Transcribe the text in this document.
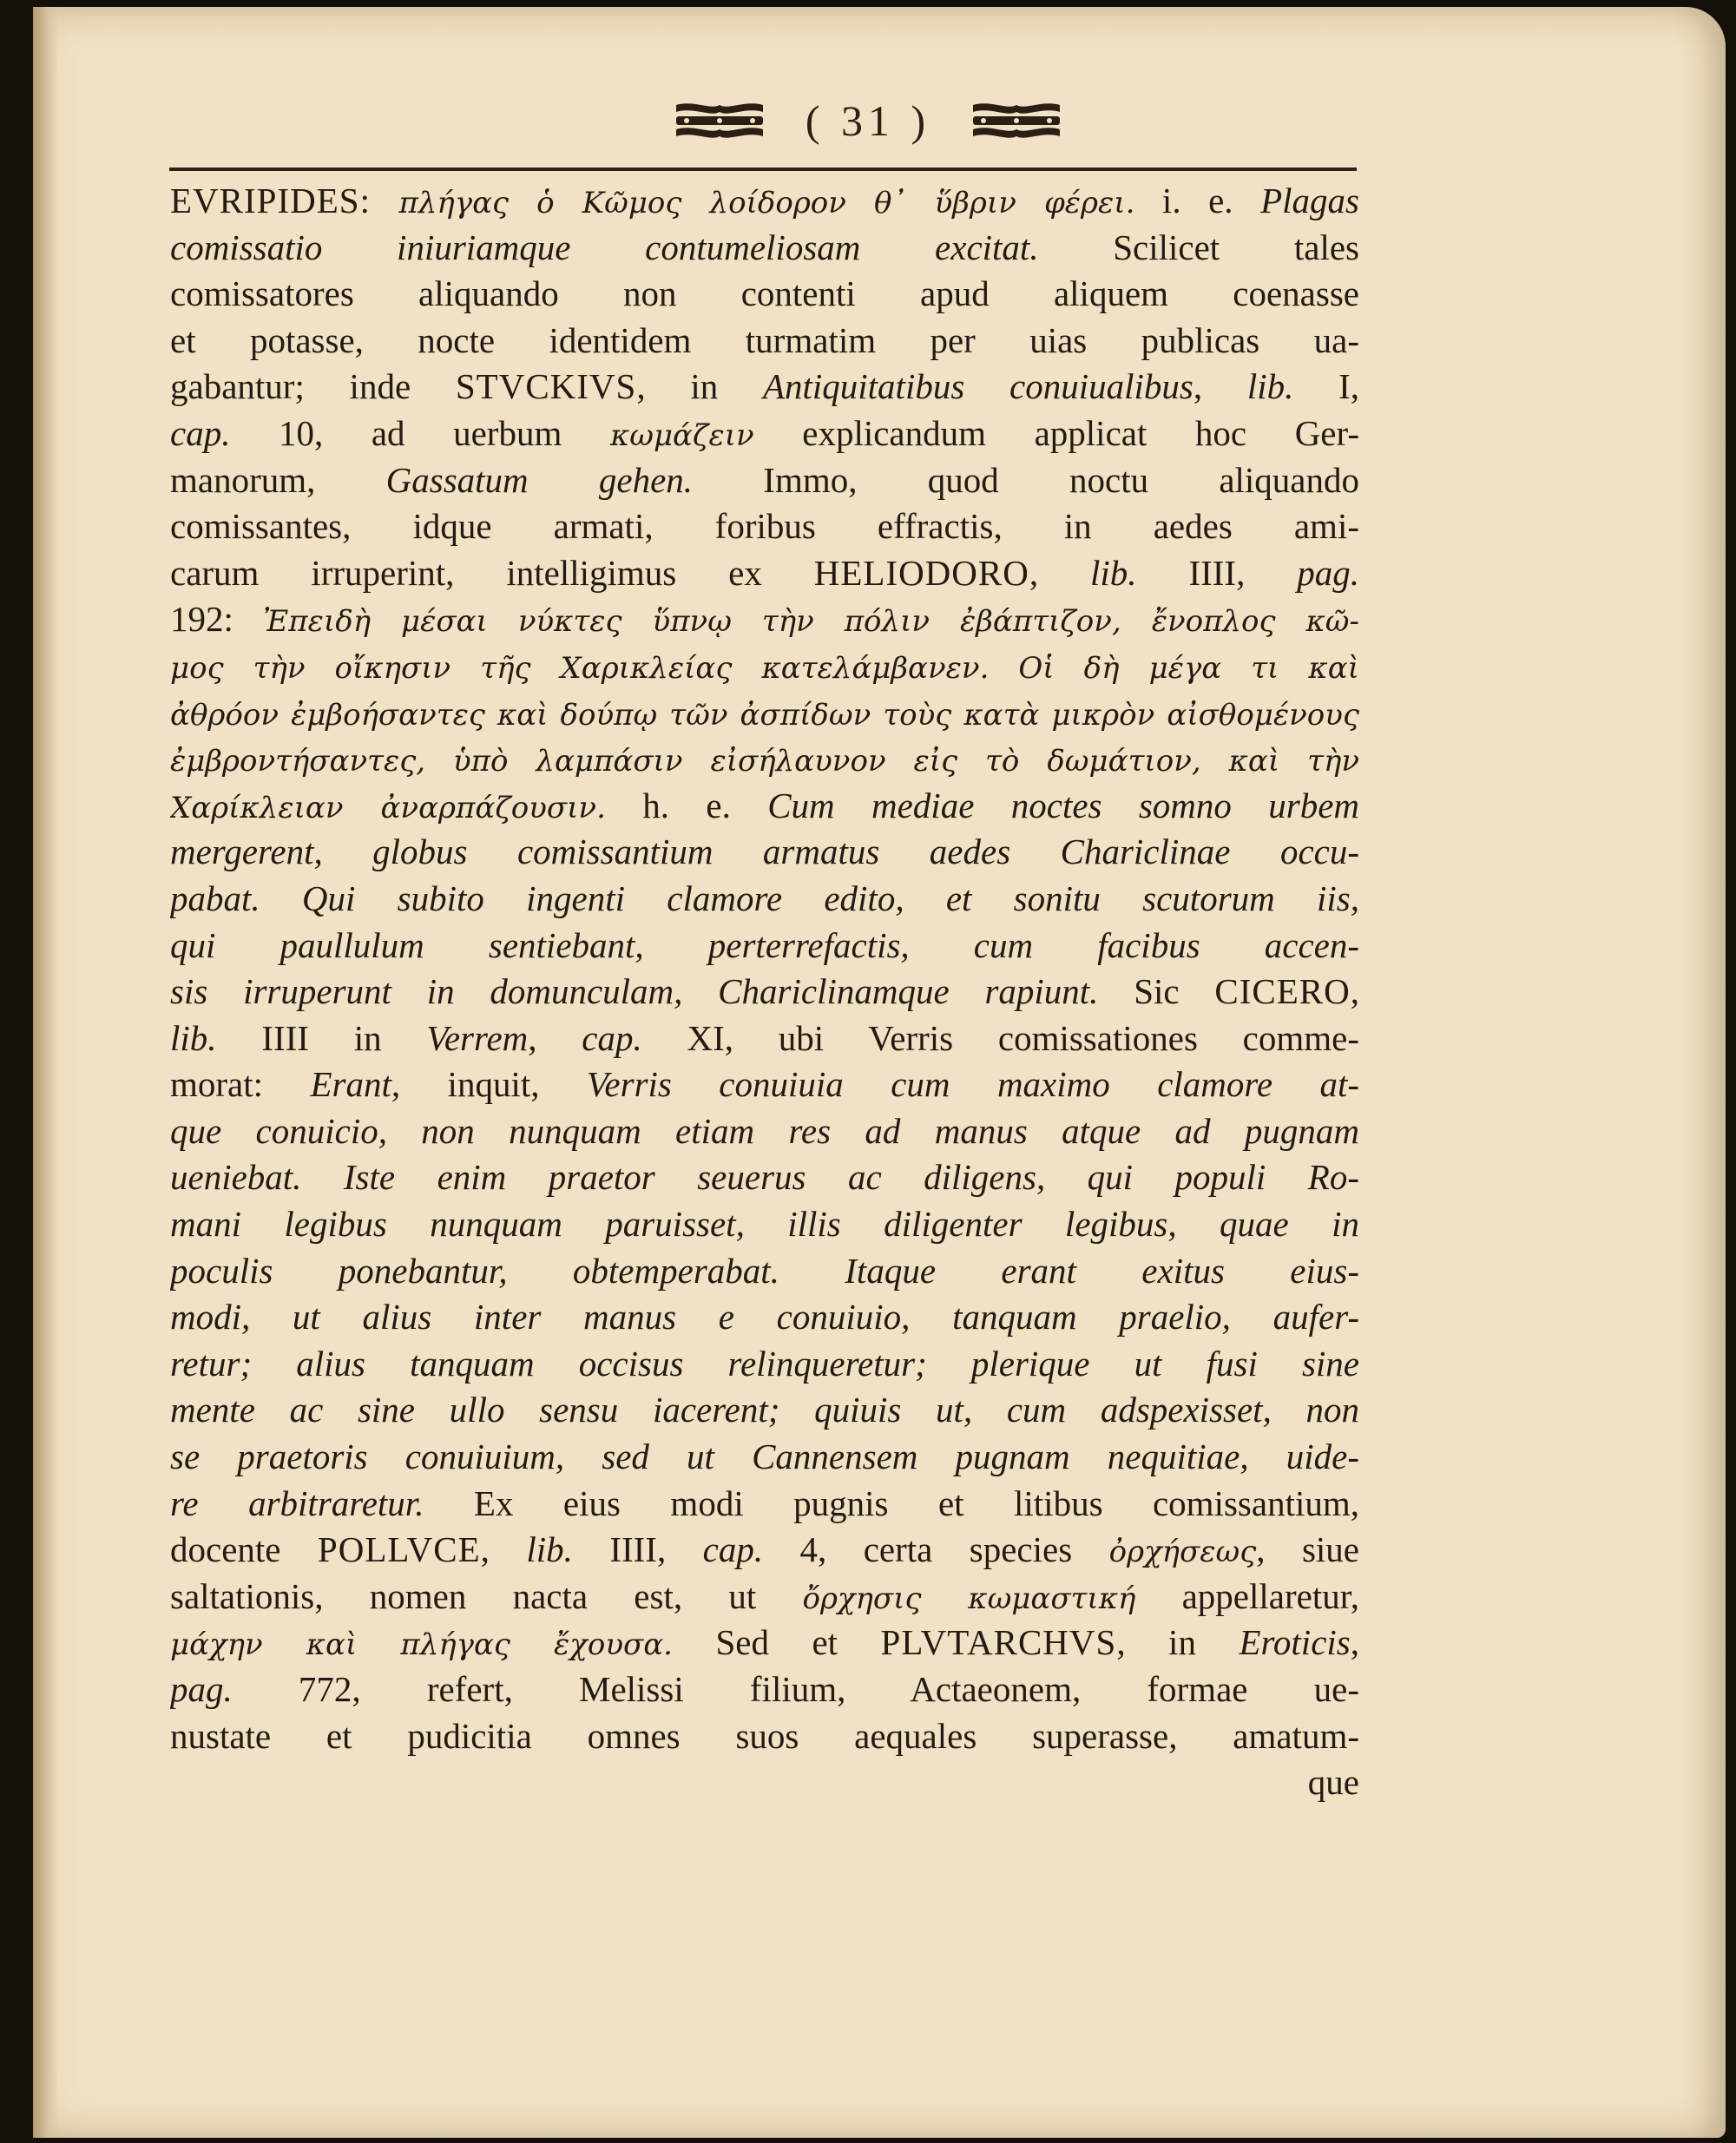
( 31 )
EVRIPIDES: πλήγας ὁ Κῶμος λοίδορον θ᾽ ὕβριν φέρει. i. e. Plagas
comissatio iniuriamque contumeliosam excitat. Scilicet tales
comissatores aliquando non contenti apud aliquem coenasse
et potasse, nocte identidem turmatim per uias publicas ua-
gabantur; inde STVCKIVS, in Antiquitatibus conuiualibus, lib. I,
cap. 10, ad uerbum κωμάζειν explicandum applicat hoc Ger-
manorum, Gassatum gehen. Immo, quod noctu aliquando
comissantes, idque armati, foribus effractis, in aedes ami-
carum irruperint, intelligimus ex HELIODORO, lib. IIII, pag.
192: Ἐπειδὴ μέσαι νύκτες ὕπνῳ τὴν πόλιν ἐβάπτιζον, ἔνοπλος κῶ-
μος τὴν οἴκησιν τῆς Χαρικλείας κατελάμβανεν. Οἱ δὴ μέγα τι καὶ
ἀθρόον ἐμβοήσαντες καὶ δούπῳ τῶν ἀσπίδων τοὺς κατὰ μικρὸν αἰσθομένους
ἐμβροντήσαντες, ὑπὸ λαμπάσιν εἰσήλαυνον εἰς τὸ δωμάτιον, καὶ τὴν
Χαρίκλειαν ἀναρπάζουσιν. h. e. Cum mediae noctes somno urbem
mergerent, globus comissantium armatus aedes Chariclinae occu-
pabat. Qui subito ingenti clamore edito, et sonitu scutorum iis,
qui paullulum sentiebant, perterrefactis, cum facibus accen-
sis irruperunt in domunculam, Chariclinamque rapiunt. Sic CICERO,
lib. IIII in Verrem, cap. XI, ubi Verris comissationes comme-
morat: Erant, inquit, Verris conuiuia cum maximo clamore at-
que conuicio, non nunquam etiam res ad manus atque ad pugnam
ueniebat. Iste enim praetor seuerus ac diligens, qui populi Ro-
mani legibus nunquam paruisset, illis diligenter legibus, quae in
poculis ponebantur, obtemperabat. Itaque erant exitus eius-
modi, ut alius inter manus e conuiuio, tanquam praelio, aufer-
retur; alius tanquam occisus relinqueretur; plerique ut fusi sine
mente ac sine ullo sensu iacerent; quiuis ut, cum adspexisset, non
se praetoris conuiuium, sed ut Cannensem pugnam nequitiae, uide-
re arbitraretur. Ex eius modi pugnis et litibus comissantium,
docente POLLVCE, lib. IIII, cap. 4, certa species ὀρχήσεως, siue
saltationis, nomen nacta est, ut ὄρχησις κωμαστική appellaretur,
μάχην καὶ πλήγας ἔχουσα. Sed et PLVTARCHVS, in Eroticis,
pag. 772, refert, Melissi filium, Actaeonem, formae ue-
nustate et pudicitia omnes suos aequales superasse, amatum-
que
